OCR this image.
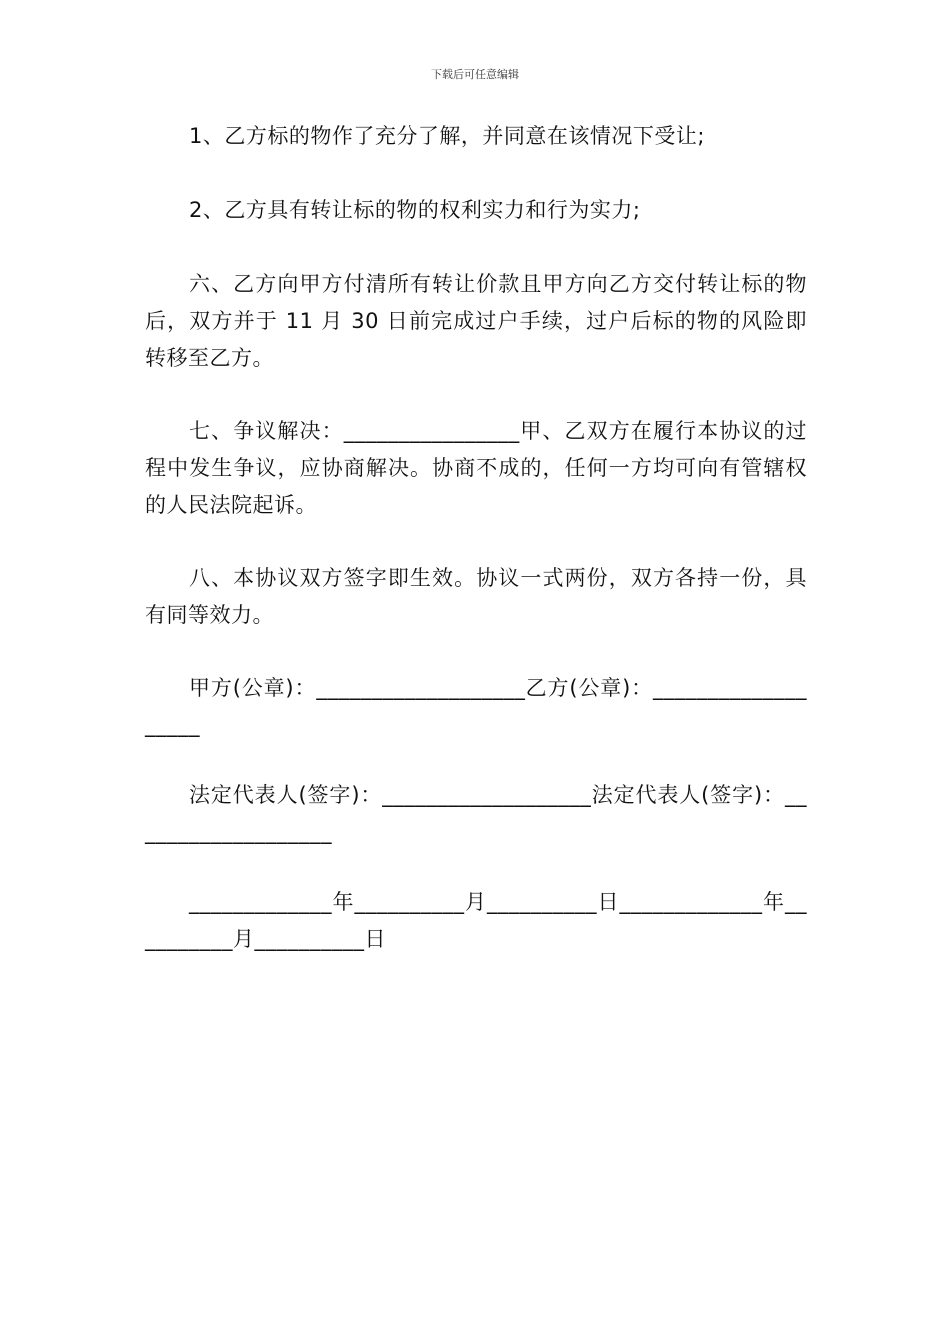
下载后可任意编辑

1、乙方标的物作了充分了解，并同意在该情况下受让;

2、乙方具有转让标的物的权利实力和行为实力;

六、乙方向甲方付清所有转让价款且甲方向乙方交付转让标的物后，双方并于 11 月 30 日前完成过户手续，过户后标的物的风险即转移至乙方。

七、争议解决：________________甲、乙双方在履行本协议的过程中发生争议，应协商解决。协商不成的，任何一方均可向有管辖权的人民法院起诉。

八、本协议双方签字即生效。协议一式两份，双方各持一份，具有同等效力。

甲方(公章)：___________________乙方(公章)：___________________

法定代表人(签字)：___________________法定代表人(签字)：___________________

_____________年__________月__________日_____________年__________月__________日
